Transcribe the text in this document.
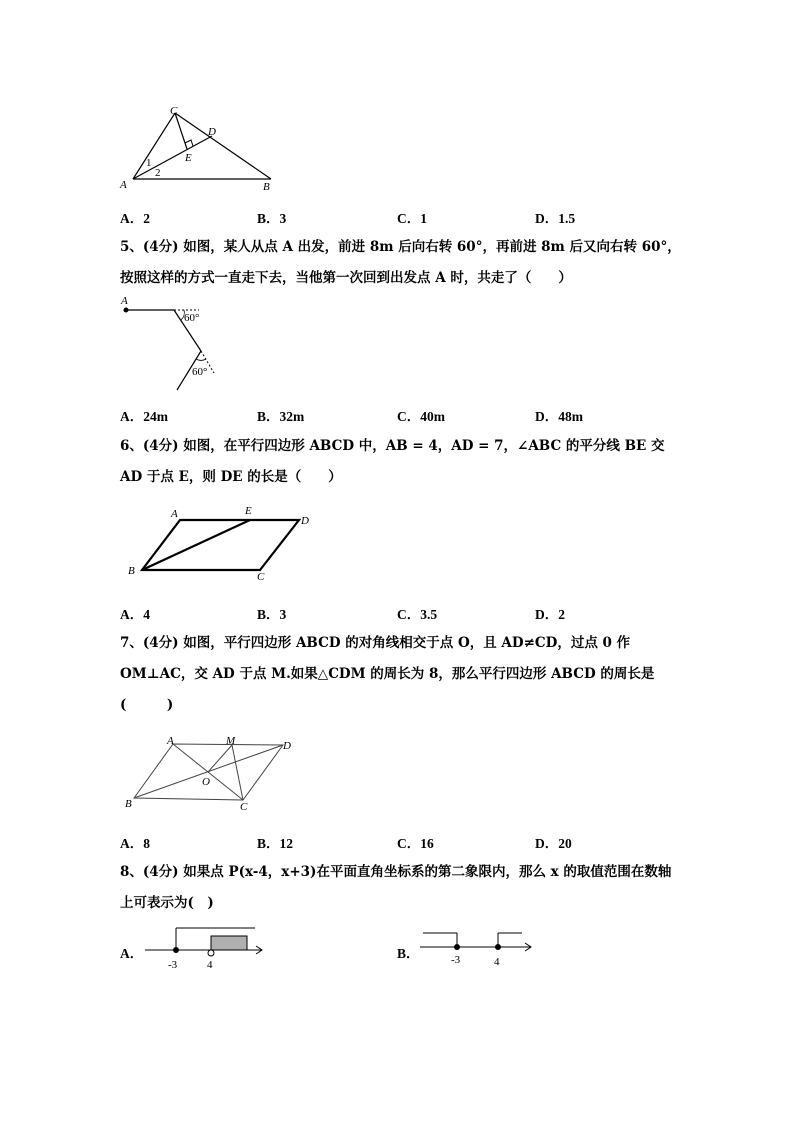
C
D
E
A	B
1
2
A．2	B．3	C．1	D．1.5
5、(4分) 如图，某人从点 A 出发，前进 8m 后向右转 60°，再前进 8m 后又向右转 60°，
按照这样的方式一直走下去，当他第一次回到出发点 A 时，共走了（　　）
A
60°
60°
A．24m	B．32m	C．40m	D．48m
6、(4分) 如图，在平行四边形 ABCD 中，AB = 4，AD = 7，∠ABC 的平分线 BE 交
AD 于点 E，则 DE 的长是（　　）
A	E
D
B	C
A．4	B．3	C．3.5	D．2
7、(4分) 如图，平行四边形 ABCD 的对角线相交于点 O，且 AD≠CD，过点 0 作
OM⊥AC，交 AD 于点 M.如果△CDM 的周长为 8，那么平行四边形 ABCD 的周长是
(　　　)
A	M	D
O
B	C
A．8	B．12	C．16	D．20
8、(4分) 如果点 P(x-4，x+3)在平面直角坐标系的第二象限内，那么 x 的取值范围在数轴
上可表示为(　)
A．
-3	4
B．	-3	4
